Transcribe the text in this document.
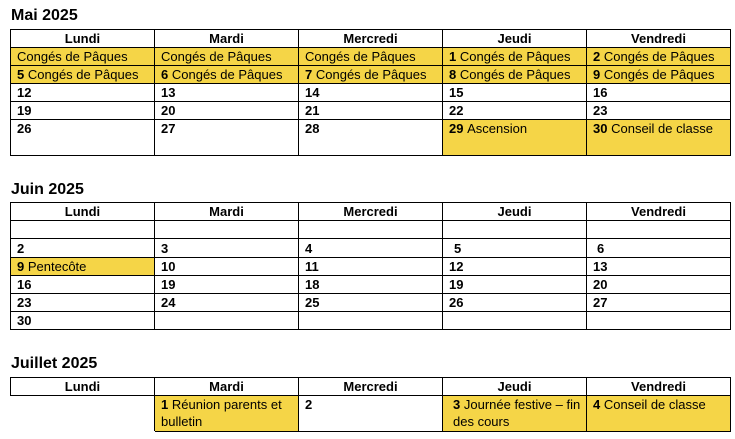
Mai 2025
Lundi	Mardi	Mercredi	Jeudi	Vendredi
Congés de Pâques	Congés de Pâques	Congés de Pâques	1 Congés de Pâques	2 Congés de Pâques
5 Congés de Pâques	6 Congés de Pâques	7 Congés de Pâques	8 Congés de Pâques	9 Congés de Pâques
12	13	14	15	16
19	20	21	22	23
26	27	28	29 Ascension	30 Conseil de classe
Juin 2025
Lundi	Mardi	Mercredi	Jeudi	Vendredi

2	3	4	5	6
9 Pentecôte	10	11	12	13
16	19	18	19	20
23	24	25	26	27
30				
Juillet 2025
Lundi	Mardi	Mercredi	Jeudi	Vendredi
	1 Réunion parents et bulletin	2	3 Journée festive – fin des cours	4 Conseil de classe
